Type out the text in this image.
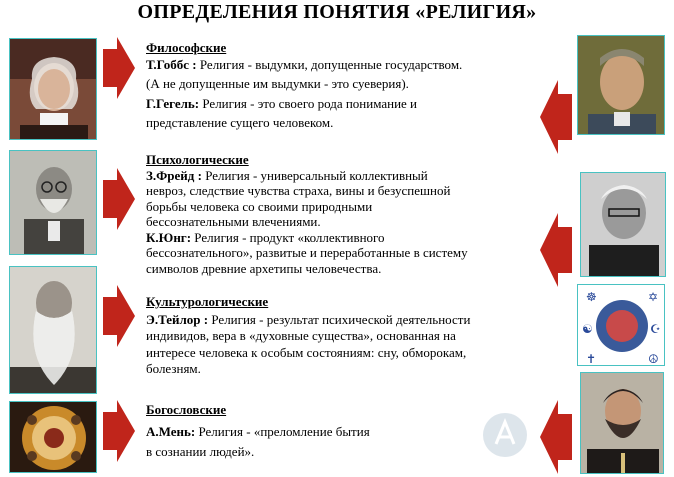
ОПРЕДЕЛЕНИЯ ПОНЯТИЯ «РЕЛИГИЯ»
☸	✡
☯	☪
✝	☮
Философские
Т.Гоббс : Религия - выдумки, допущенные государством.
(А не допущенные им выдумки - это суеверия).
Г.Гегель: Религия - это своего рода понимание и
представление сущего человеком.
Психологические
З.Фрейд : Религия - универсальный коллективный
невроз, следствие чувства страха, вины и безуспешной
борьбы человека со своими природными
бессознательными влечениями.
К.Юнг: Религия - продукт «коллективного
бессознательного», развитые и переработанные в систему
символов древние архетипы человечества.
Культурологические
Э.Тейлор : Религия - результат психической деятельности
индивидов, вера в «духовные существа», основанная на
интересе человека к особым состояниям: сну, обморокам,
болезням.
Богословские
А.Мень: Религия - «преломление бытия
в сознании людей».
